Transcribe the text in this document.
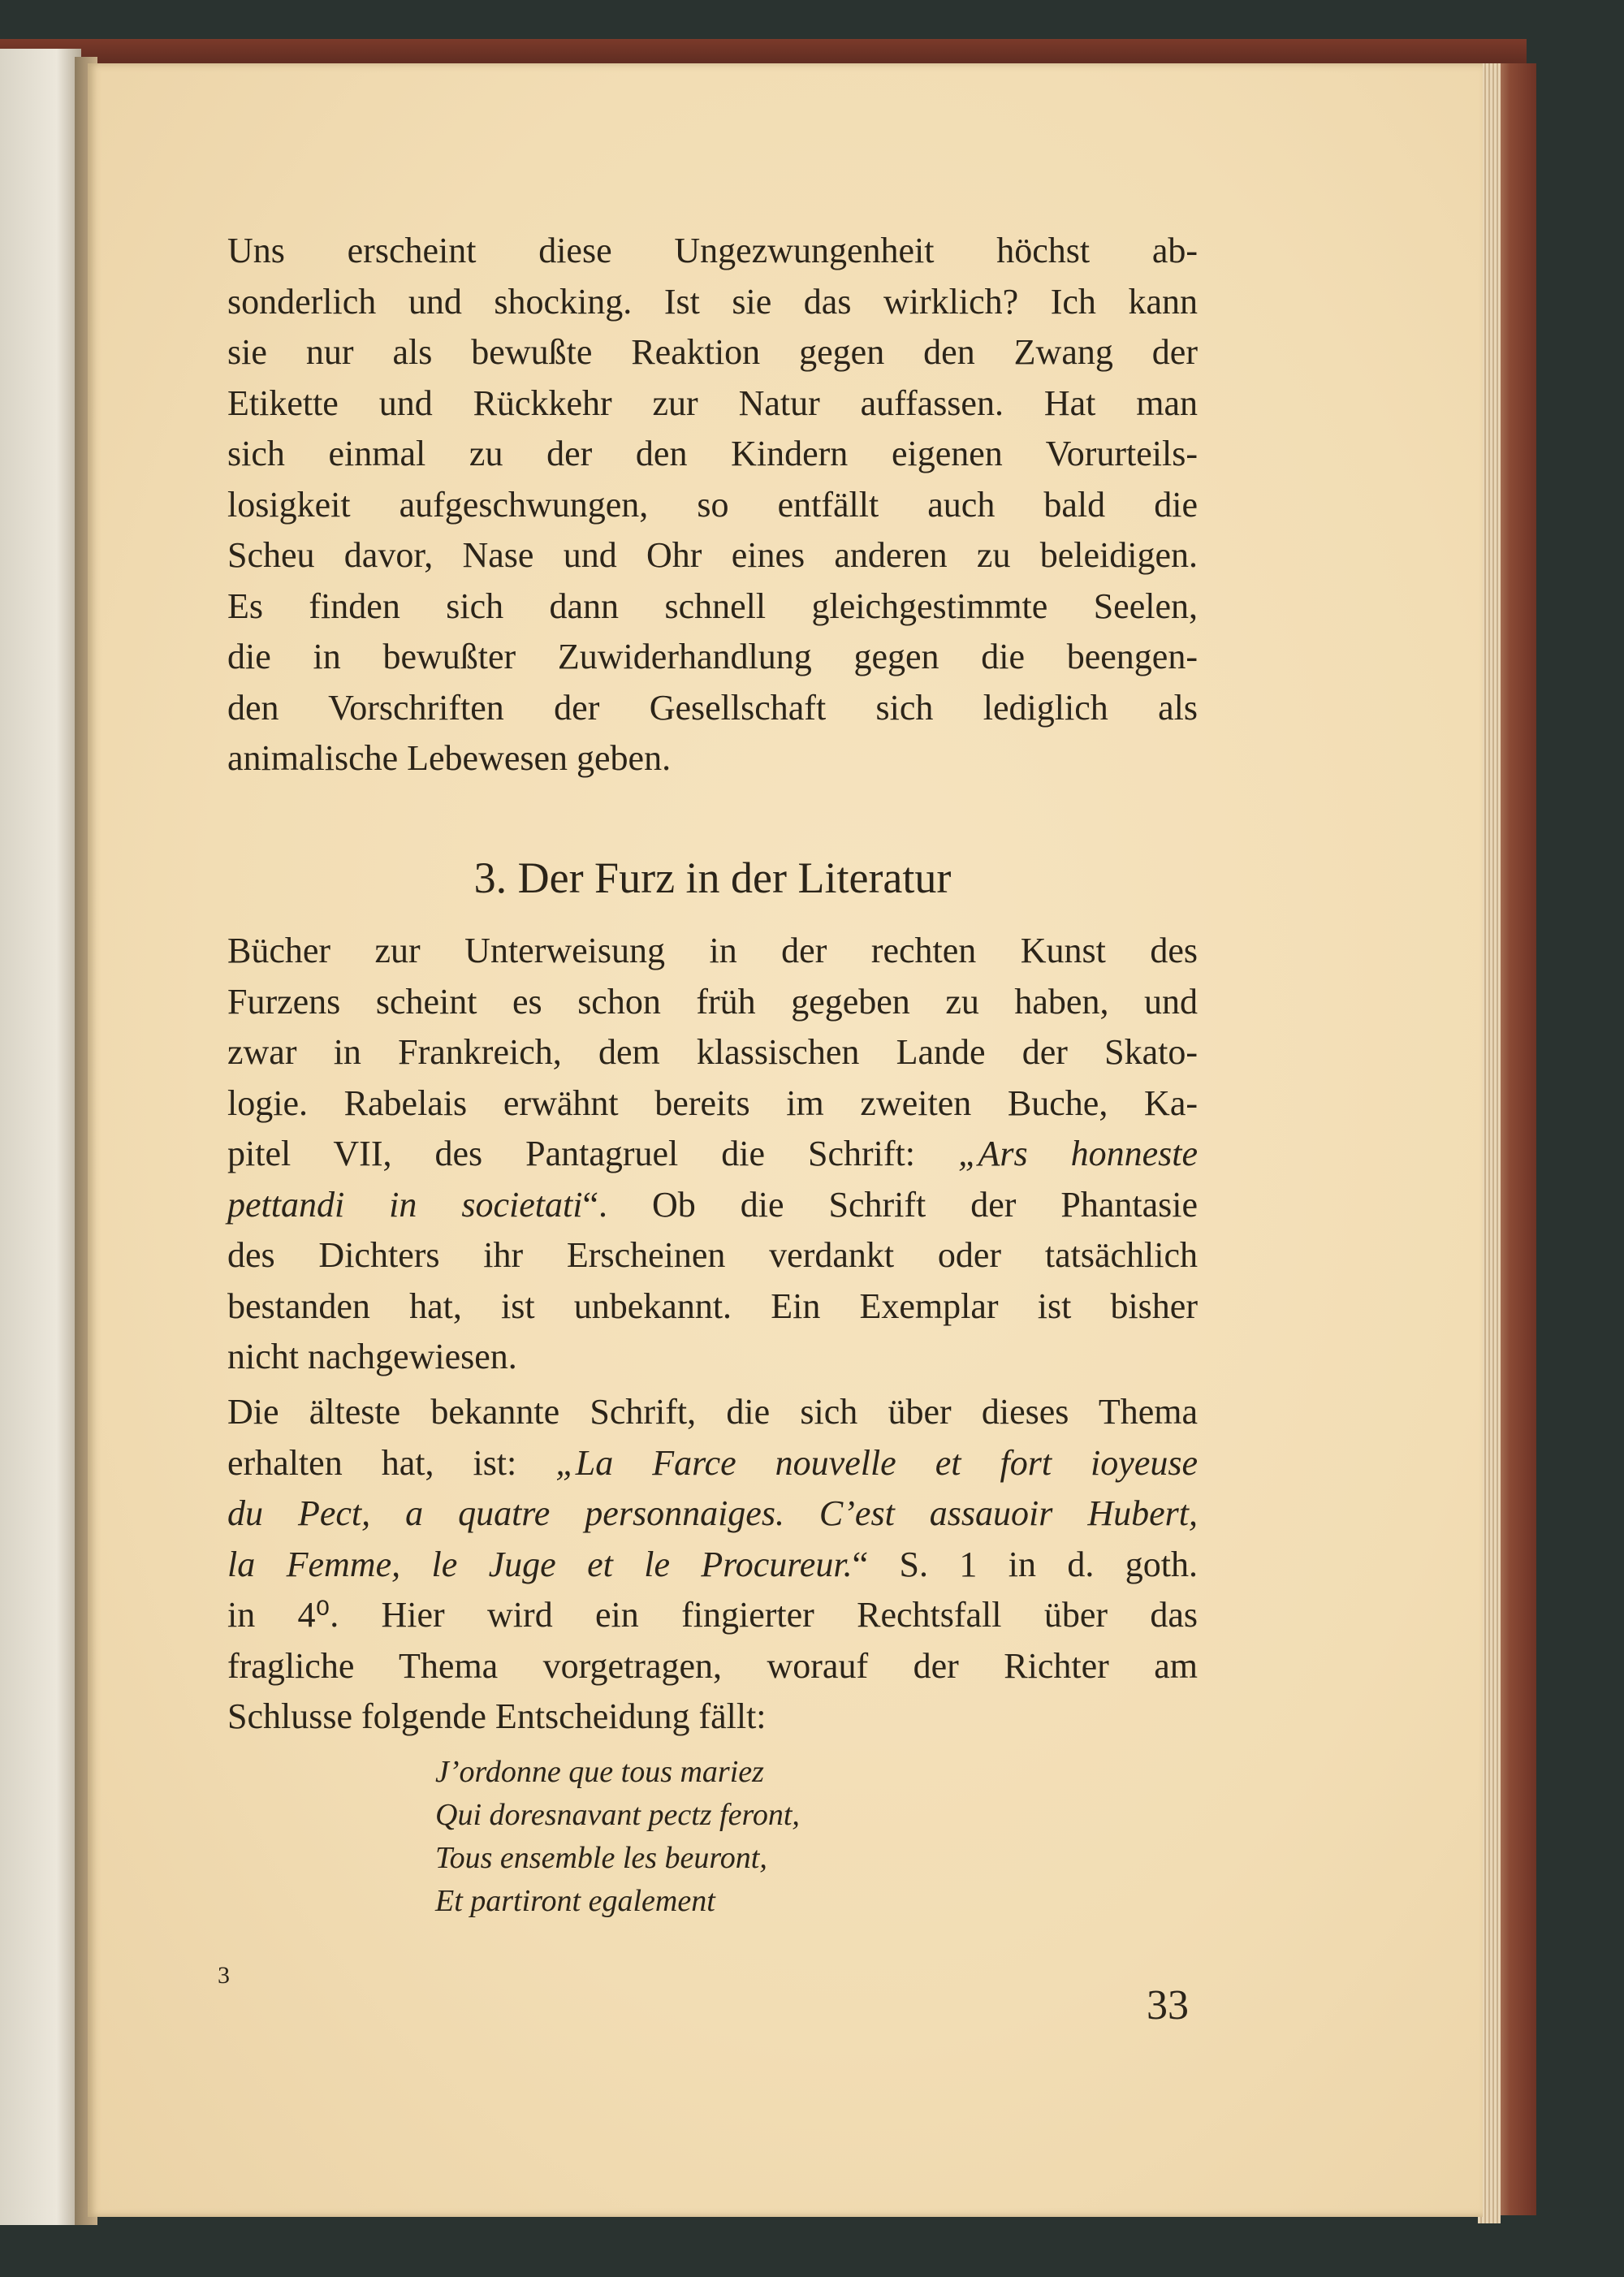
Uns erscheint diese Ungezwungenheit höchst ab-
sonderlich und shocking. Ist sie das wirklich? Ich kann
sie nur als bewußte Reaktion gegen den Zwang der
Etikette und Rückkehr zur Natur auffassen. Hat man
sich einmal zu der den Kindern eigenen Vorurteils-
losigkeit aufgeschwungen, so entfällt auch bald die
Scheu davor, Nase und Ohr eines anderen zu beleidigen.
Es finden sich dann schnell gleichgestimmte Seelen,
die in bewußter Zuwiderhandlung gegen die beengen-
den Vorschriften der Gesellschaft sich lediglich als
animalische Lebewesen geben.
3. Der Furz in der Literatur
Bücher zur Unterweisung in der rechten Kunst des
Furzens scheint es schon früh gegeben zu haben, und
zwar in Frankreich, dem klassischen Lande der Skato-
logie. Rabelais erwähnt bereits im zweiten Buche, Ka-
pitel VII, des Pantagruel die Schrift: „Ars honneste
pettandi in societati“. Ob die Schrift der Phantasie
des Dichters ihr Erscheinen verdankt oder tatsächlich
bestanden hat, ist unbekannt. Ein Exemplar ist bisher
nicht nachgewiesen.
Die älteste bekannte Schrift, die sich über dieses Thema
erhalten hat, ist: „La Farce nouvelle et fort ioyeuse
du Pect, a quatre personnaiges. C’est assauoir Hubert,
la Femme, le Juge et le Procureur.“ S. 1 in d. goth.
in 4⁰. Hier wird ein fingierter Rechtsfall über das
fragliche Thema vorgetragen, worauf der Richter am
Schlusse folgende Entscheidung fällt:
J’ordonne que tous mariez
Qui doresnavant pectz feront,
Tous ensemble les beuront,
Et partiront egalement
3
33
